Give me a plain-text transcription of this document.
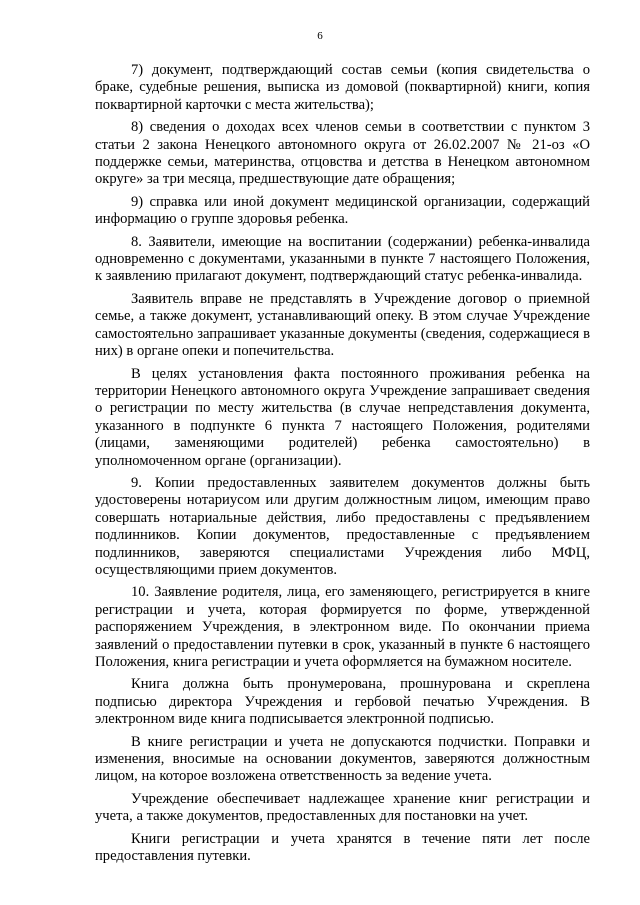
6

7) документ, подтверждающий состав семьи (копия свидетельства о браке, судебные решения, выписка из домовой (поквартирной) книги, копия поквартирной карточки с места жительства);

8) сведения о доходах всех членов семьи в соответствии с пунктом 3 статьи 2 закона Ненецкого автономного округа от 26.02.2007 № 21-оз «О поддержке семьи, материнства, отцовства и детства в Ненецком автономном округе» за три месяца, предшествующие дате обращения;

9) справка или иной документ медицинской организации, содержащий информацию о группе здоровья ребенка.

8. Заявители, имеющие на воспитании (содержании) ребенка-инвалида одновременно с документами, указанными в пункте 7 настоящего Положения, к заявлению прилагают документ, подтверждающий статус ребенка-инвалида.

Заявитель вправе не представлять в Учреждение договор о приемной семье, а также документ, устанавливающий опеку. В этом случае Учреждение самостоятельно запрашивает указанные документы (сведения, содержащиеся в них) в органе опеки и попечительства.

В целях установления факта постоянного проживания ребенка на территории Ненецкого автономного округа Учреждение запрашивает сведения о регистрации по месту жительства (в случае непредставления документа, указанного в подпункте 6 пункта 7 настоящего Положения, родителями (лицами, заменяющими родителей) ребенка самостоятельно) в уполномоченном органе (организации).

9. Копии предоставленных заявителем документов должны быть удостоверены нотариусом или другим должностным лицом, имеющим право совершать нотариальные действия, либо предоставлены с предъявлением подлинников. Копии документов, предоставленные с предъявлением подлинников, заверяются специалистами Учреждения либо МФЦ, осуществляющими прием документов.

10. Заявление родителя, лица, его заменяющего, регистрируется в книге регистрации и учета, которая формируется по форме, утвержденной распоряжением Учреждения, в электронном виде. По окончании приема заявлений о предоставлении путевки в срок, указанный в пункте 6 настоящего Положения, книга регистрации и учета оформляется на бумажном носителе.

Книга должна быть пронумерована, прошнурована и скреплена подписью директора Учреждения и гербовой печатью Учреждения. В электронном виде книга подписывается электронной подписью.

В книге регистрации и учета не допускаются подчистки. Поправки и изменения, вносимые на основании документов, заверяются должностным лицом, на которое возложена ответственность за ведение учета.

Учреждение обеспечивает надлежащее хранение книг регистрации и учета, а также документов, предоставленных для постановки на учет.

Книги регистрации и учета хранятся в течение пяти лет после предоставления путевки.
